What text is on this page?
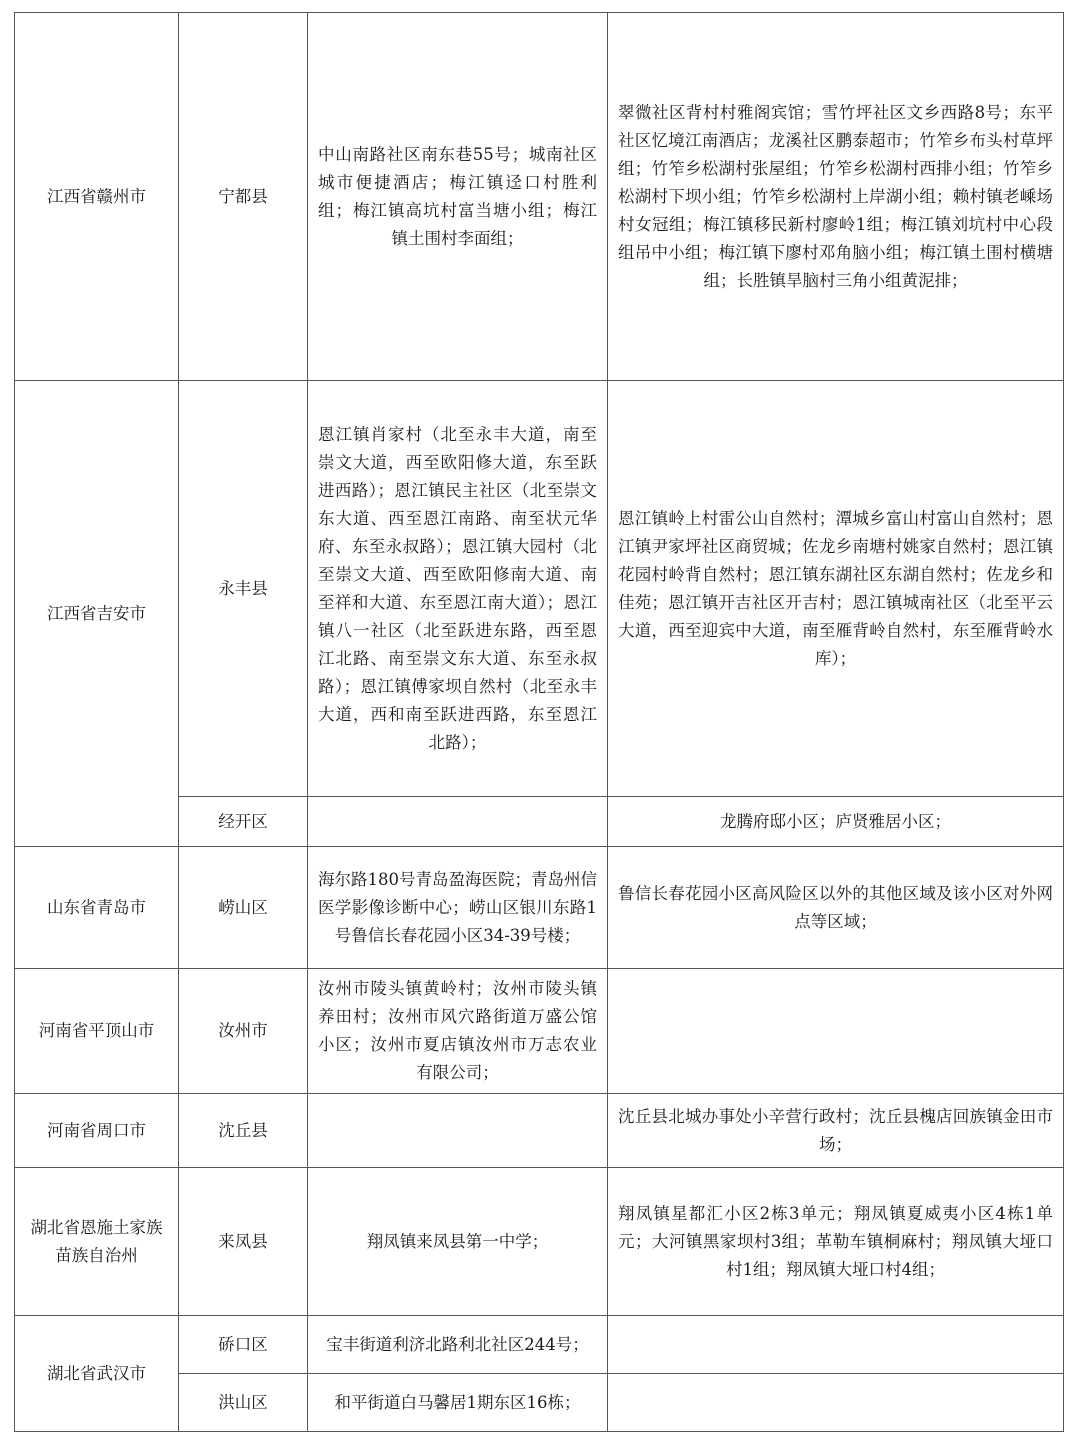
江西省赣州市	宁都县	中山南路社区南东巷55号；城南社区城市便捷酒店；梅江镇迳口村胜利组；梅江镇高坑村富当塘小组；梅江镇土围村李面组；	翠微社区背村村雅阁宾馆；雪竹坪社区文乡西路8号；东平社区忆境江南酒店；龙溪社区鹏泰超市；竹笮乡布头村草坪组；竹笮乡松湖村张屋组；竹笮乡松湖村西排小组；竹笮乡松湖村下坝小组；竹笮乡松湖村上岸湖小组；赖村镇老嵊场村女冠组；梅江镇移民新村廖岭1组；梅江镇刘坑村中心段组吊中小组；梅江镇下廖村邓角脑小组；梅江镇土围村横塘组；长胜镇旱脑村三角小组黄泥排；
江西省吉安市	永丰县	恩江镇肖家村（北至永丰大道，南至崇文大道，西至欧阳修大道，东至跃进西路）；恩江镇民主社区（北至崇文东大道、西至恩江南路、南至状元华府、东至永叔路）；恩江镇大园村（北至崇文大道、西至欧阳修南大道、南至祥和大道、东至恩江南大道）；恩江镇八一社区（北至跃进东路，西至恩江北路、南至崇文东大道、东至永叔路）；恩江镇傅家坝自然村（北至永丰大道，西和南至跃进西路，东至恩江北路）；	恩江镇岭上村雷公山自然村；潭城乡富山村富山自然村；恩江镇尹家坪社区商贸城；佐龙乡南塘村姚家自然村；恩江镇花园村岭背自然村；恩江镇东湖社区东湖自然村；佐龙乡和佳苑；恩江镇开吉社区开吉村；恩江镇城南社区（北至平云大道，西至迎宾中大道，南至雁背岭自然村，东至雁背岭水库）；
	经开区		龙腾府邸小区；庐贤雅居小区；
山东省青岛市	崂山区	海尔路180号青岛盈海医院；青岛州信医学影像诊断中心；崂山区银川东路1号鲁信长春花园小区34-39号楼；	鲁信长春花园小区高风险区以外的其他区域及该小区对外网点等区域；
河南省平顶山市	汝州市	汝州市陵头镇黄岭村；汝州市陵头镇养田村；汝州市风穴路街道万盛公馆小区；汝州市夏店镇汝州市万志农业有限公司；	
河南省周口市	沈丘县		沈丘县北城办事处小辛营行政村；沈丘县槐店回族镇金田市场；
湖北省恩施土家族苗族自治州	来凤县	翔凤镇来凤县第一中学；	翔凤镇星都汇小区2栋3单元；翔凤镇夏威夷小区4栋1单元；大河镇黑家坝村3组；革勒车镇桐麻村；翔凤镇大垭口村1组；翔凤镇大垭口村4组；
湖北省武汉市	硚口区	宝丰街道利济北路利北社区244号；	
	洪山区	和平街道白马馨居1期东区16栋；	
